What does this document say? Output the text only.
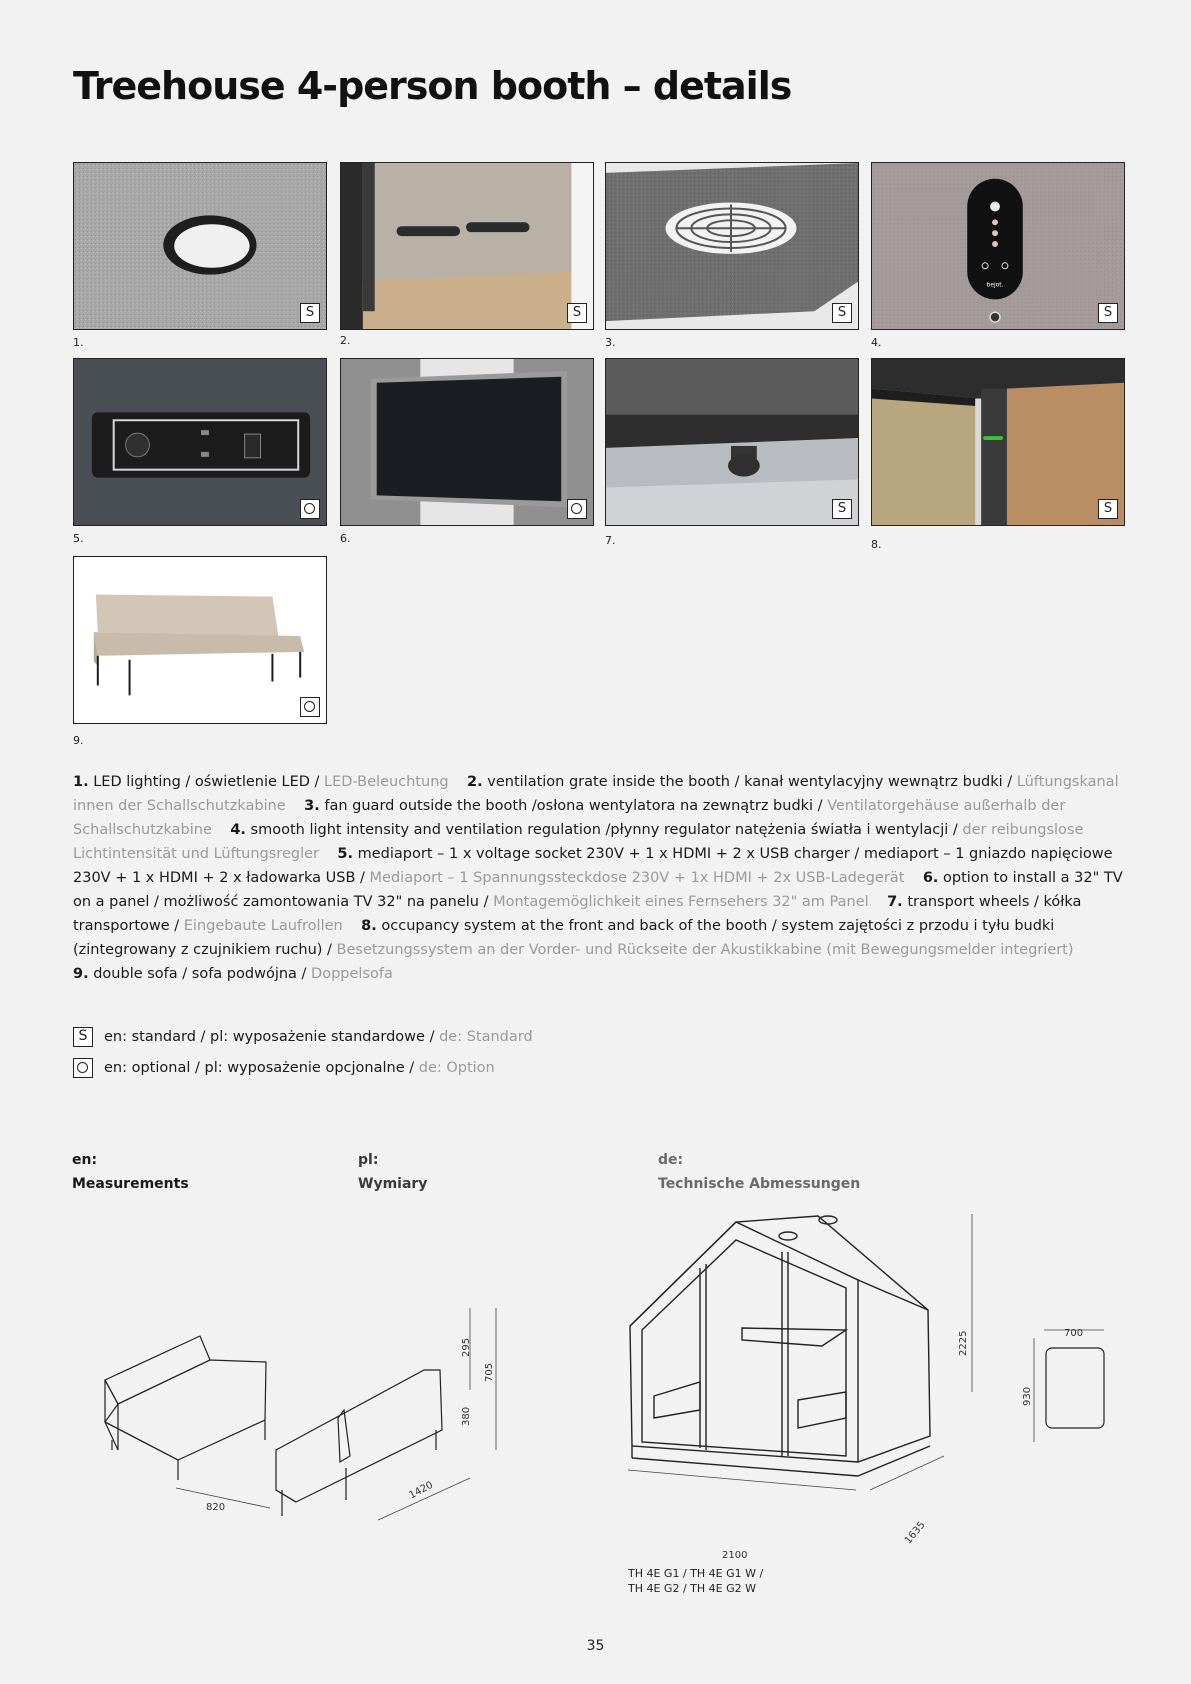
Treehouse 4-person booth – details
S
1.
S
2.
S
3.
bejot.
S
4.
5.	6.
S
7.
S
8.
9.

1. LED lighting / oświetlenie LED / LED-Beleuchtung 2. ventilation grate inside the booth / kanał wentylacyjny wewnątrz budki / Lüftungskanal innen der Schallschutzkabine 3. fan guard outside the booth /osłona wentylatora na zewnątrz budki / Ventilatorgehäuse außerhalb der Schallschutzkabine 4. smooth light intensity and ventilation regulation /płynny regulator natężenia światła i wentylacji / der reibungslose Lichtintensität und Lüftungsregler 5. mediaport – 1 x voltage socket 230V + 1 x HDMI + 2 x USB charger / mediaport – 1 gniazdo napięciowe 230V + 1 x HDMI + 2 x ładowarka USB / Mediaport – 1 Spannungssteckdose 230V + 1x HDMI + 2x USB-Ladegerät 6. option to install a 32" TV on a panel / możliwość zamontowania TV 32" na panelu / Montagemöglichkeit eines Fernsehers 32" am Panel 7. transport wheels / kółka transportowe / Eingebaute Laufrollen 8. occupancy system at the front and back of the booth / system zajętości z przodu i tyłu budki (zintegrowany z czujnikiem ruchu) / Besetzungssystem an der Vorder- und Rückseite der Akustikkabine (mit Bewegungsmelder integriert)
9. double sofa / sofa podwójna / Doppelsofa

S	en: standard / pl: wyposażenie standardowe / de: Standard
en: optional / pl: wyposażenie opcjonalne / de: Option
en:
Measurements
pl:
Wymiary
de:
Technische Abmessungen
820
1420
295
380
705
2100
1635
2225	700
930
TH 4E G1 / TH 4E G1 W /
TH 4E G2 / TH 4E G2 W
35
